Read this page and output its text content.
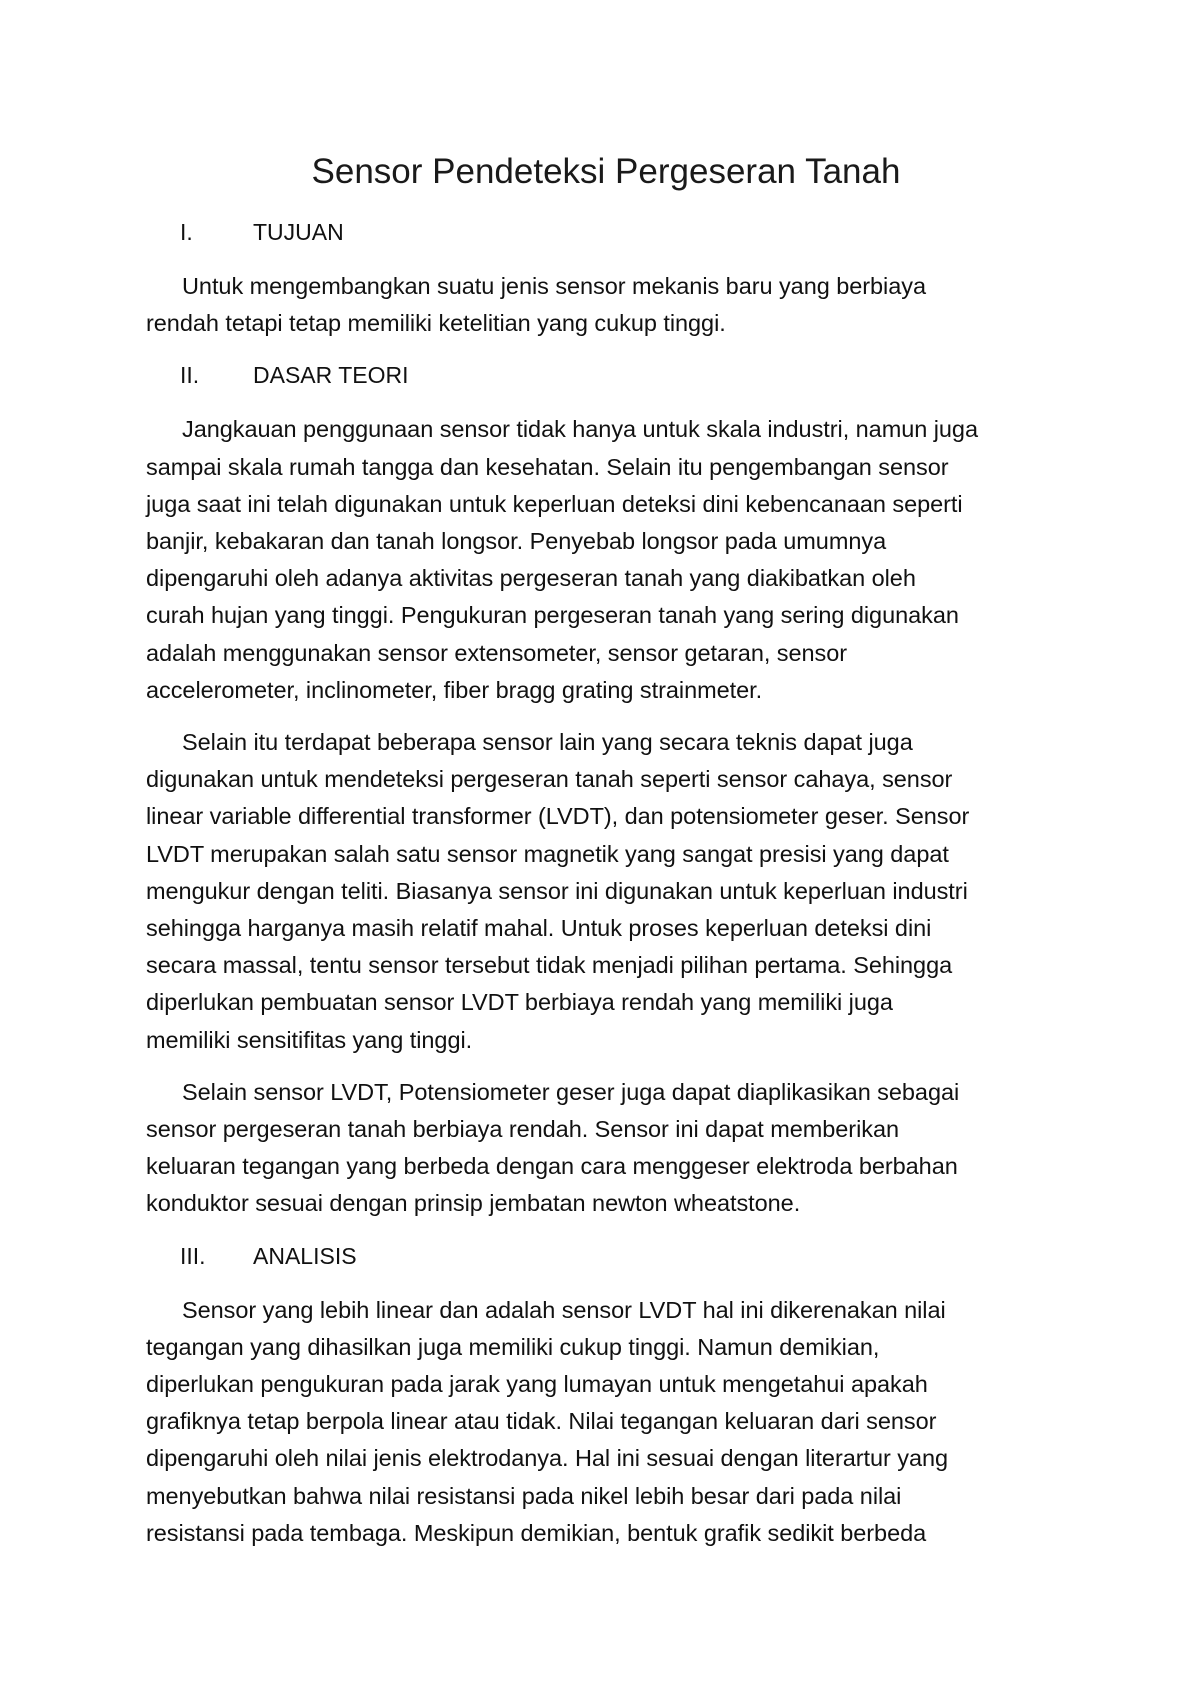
Sensor Pendeteksi Pergeseran Tanah
I.	TUJUAN
Untuk mengembangkan suatu jenis sensor mekanis baru yang berbiaya
rendah tetapi tetap memiliki ketelitian yang cukup tinggi.
II.	DASAR TEORI
Jangkauan penggunaan sensor tidak hanya untuk skala industri, namun juga
sampai skala rumah tangga dan kesehatan. Selain itu pengembangan sensor
juga saat ini telah digunakan untuk keperluan deteksi dini kebencanaan seperti
banjir, kebakaran dan tanah longsor. Penyebab longsor pada umumnya
dipengaruhi oleh adanya aktivitas pergeseran tanah yang diakibatkan oleh
curah hujan yang tinggi. Pengukuran pergeseran tanah yang sering digunakan
adalah menggunakan sensor extensometer, sensor getaran, sensor
accelerometer, inclinometer, fiber bragg grating strainmeter.
Selain itu terdapat beberapa sensor lain yang secara teknis dapat juga
digunakan untuk mendeteksi pergeseran tanah seperti sensor cahaya, sensor
linear variable differential transformer (LVDT), dan potensiometer geser. Sensor
LVDT merupakan salah satu sensor magnetik yang sangat presisi yang dapat
mengukur dengan teliti. Biasanya sensor ini digunakan untuk keperluan industri
sehingga harganya masih relatif mahal. Untuk proses keperluan deteksi dini
secara massal, tentu sensor tersebut tidak menjadi pilihan pertama. Sehingga
diperlukan pembuatan sensor LVDT berbiaya rendah yang memiliki juga
memiliki sensitifitas yang tinggi.
Selain sensor LVDT, Potensiometer geser juga dapat diaplikasikan sebagai
sensor pergeseran tanah berbiaya rendah. Sensor ini dapat memberikan
keluaran tegangan yang berbeda dengan cara menggeser elektroda berbahan
konduktor sesuai dengan prinsip jembatan newton wheatstone.
III.	ANALISIS
Sensor yang lebih linear dan adalah sensor LVDT hal ini dikerenakan nilai
tegangan yang dihasilkan juga memiliki cukup tinggi. Namun demikian,
diperlukan pengukuran pada jarak yang lumayan untuk mengetahui apakah
grafiknya tetap berpola linear atau tidak. Nilai tegangan keluaran dari sensor
dipengaruhi oleh nilai jenis elektrodanya. Hal ini sesuai dengan literartur yang
menyebutkan bahwa nilai resistansi pada nikel lebih besar dari pada nilai
resistansi pada tembaga. Meskipun demikian, bentuk grafik sedikit berbeda
